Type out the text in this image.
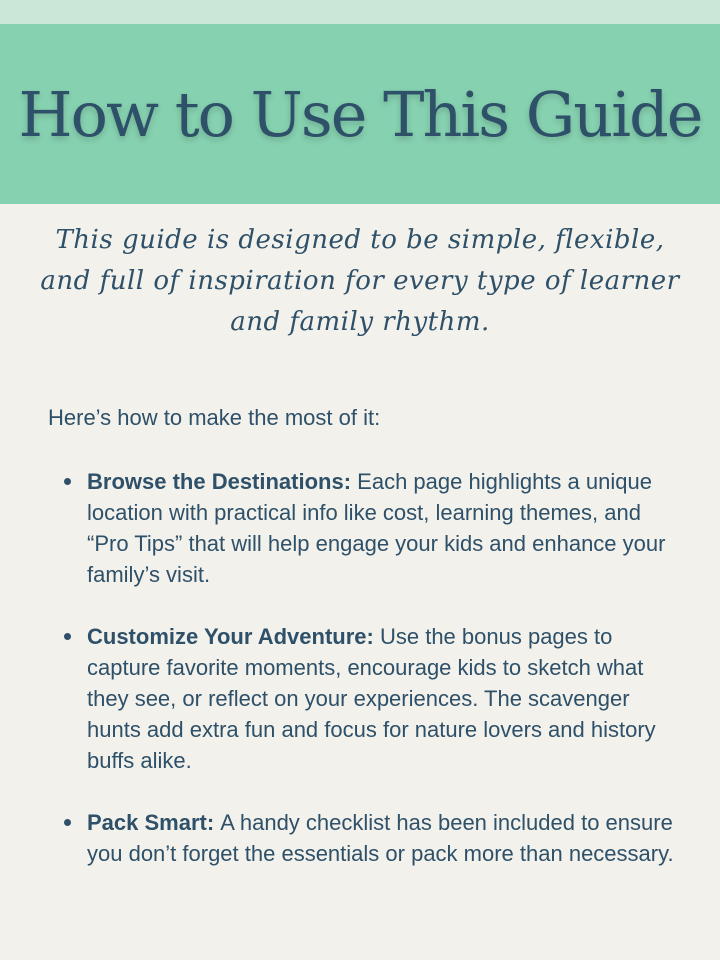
How to Use This Guide
This guide is designed to be simple, flexible, and full of inspiration for every type of learner and family rhythm.

Here’s how to make the most of it:

Browse the Destinations: Each page highlights a unique location with practical info like cost, learning themes, and “Pro Tips” that will help engage your kids and enhance your family’s visit.
Customize Your Adventure: Use the bonus pages to capture favorite moments, encourage kids to sketch what they see, or reflect on your experiences. The scavenger hunts add extra fun and focus for nature lovers and history buffs alike.
Pack Smart: A handy checklist has been included to ensure you don’t forget the essentials or pack more than necessary.
